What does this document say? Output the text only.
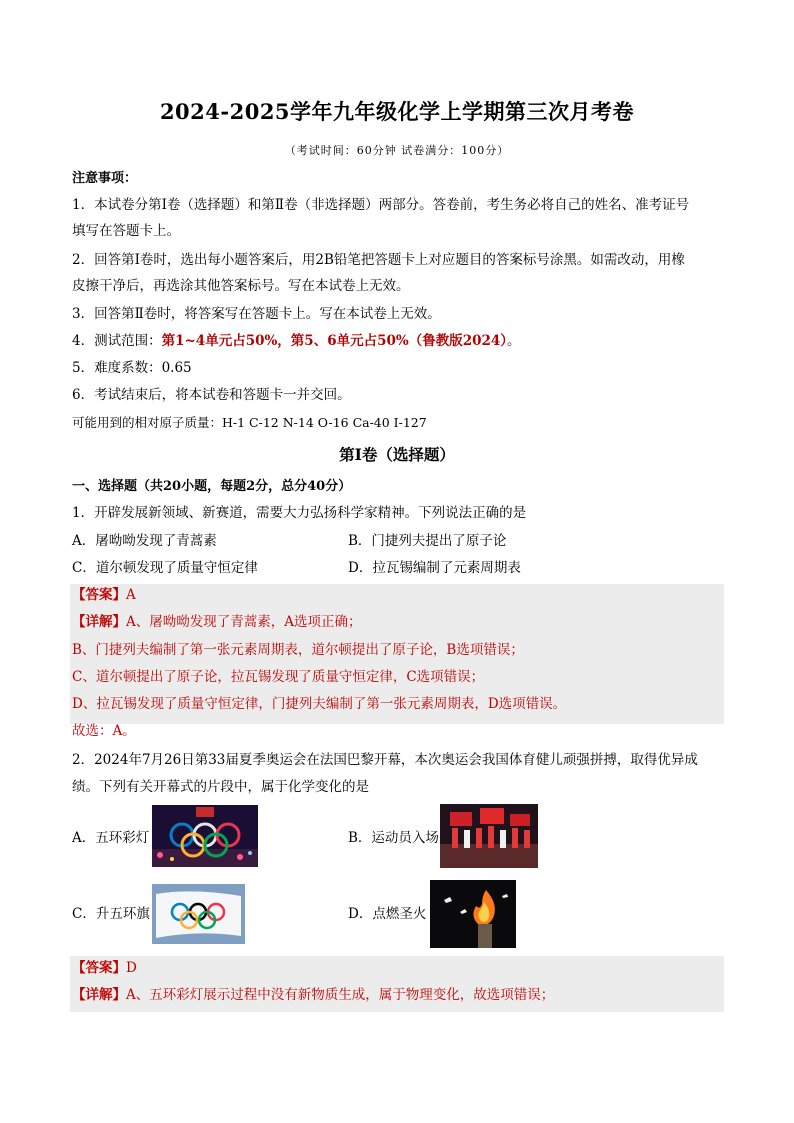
2024-2025学年九年级化学上学期第三次月考卷
（考试时间：60分钟 试卷满分：100分）
注意事项：
1．本试卷分第Ⅰ卷（选择题）和第Ⅱ卷（非选择题）两部分。答卷前，考生务必将自己的姓名、准考证号
填写在答题卡上。
2．回答第Ⅰ卷时，选出每小题答案后，用2B铅笔把答题卡上对应题目的答案标号涂黑。如需改动，用橡
皮擦干净后，再选涂其他答案标号。写在本试卷上无效。
3．回答第Ⅱ卷时，将答案写在答题卡上。写在本试卷上无效。
4．测试范围：第1~4单元占50%，第5、6单元占50%（鲁教版2024）。
5．难度系数：0.65
6．考试结束后，将本试卷和答题卡一并交回。
可能用到的相对原子质量：H-1 C-12 N-14 O-16 Ca-40 I-127
第Ⅰ卷（选择题）
一、选择题（共20小题，每题2分，总分40分）
1．开辟发展新领域、新赛道，需要大力弘扬科学家精神。下列说法正确的是
A．屠呦呦发现了青蒿素	B．门捷列夫提出了原子论
C．道尔顿发现了质量守恒定律	D．拉瓦锡编制了元素周期表
【答案】A
【详解】A、屠呦呦发现了青蒿素，A选项正确；
B、门捷列夫编制了第一张元素周期表，道尔顿提出了原子论，B选项错误；
C、道尔顿提出了原子论，拉瓦锡发现了质量守恒定律，C选项错误；
D、拉瓦锡发现了质量守恒定律，门捷列夫编制了第一张元素周期表，D选项错误。
故选：A。
2．2024年7月26日第33届夏季奥运会在法国巴黎开幕，本次奥运会我国体育健儿顽强拼搏，取得优异成
绩。下列有关开幕式的片段中，属于化学变化的是
A．五环彩灯	B．运动员入场
C．升五环旗	D．点燃圣火
【答案】D
【详解】A、五环彩灯展示过程中没有新物质生成，属于物理变化，故选项错误；
